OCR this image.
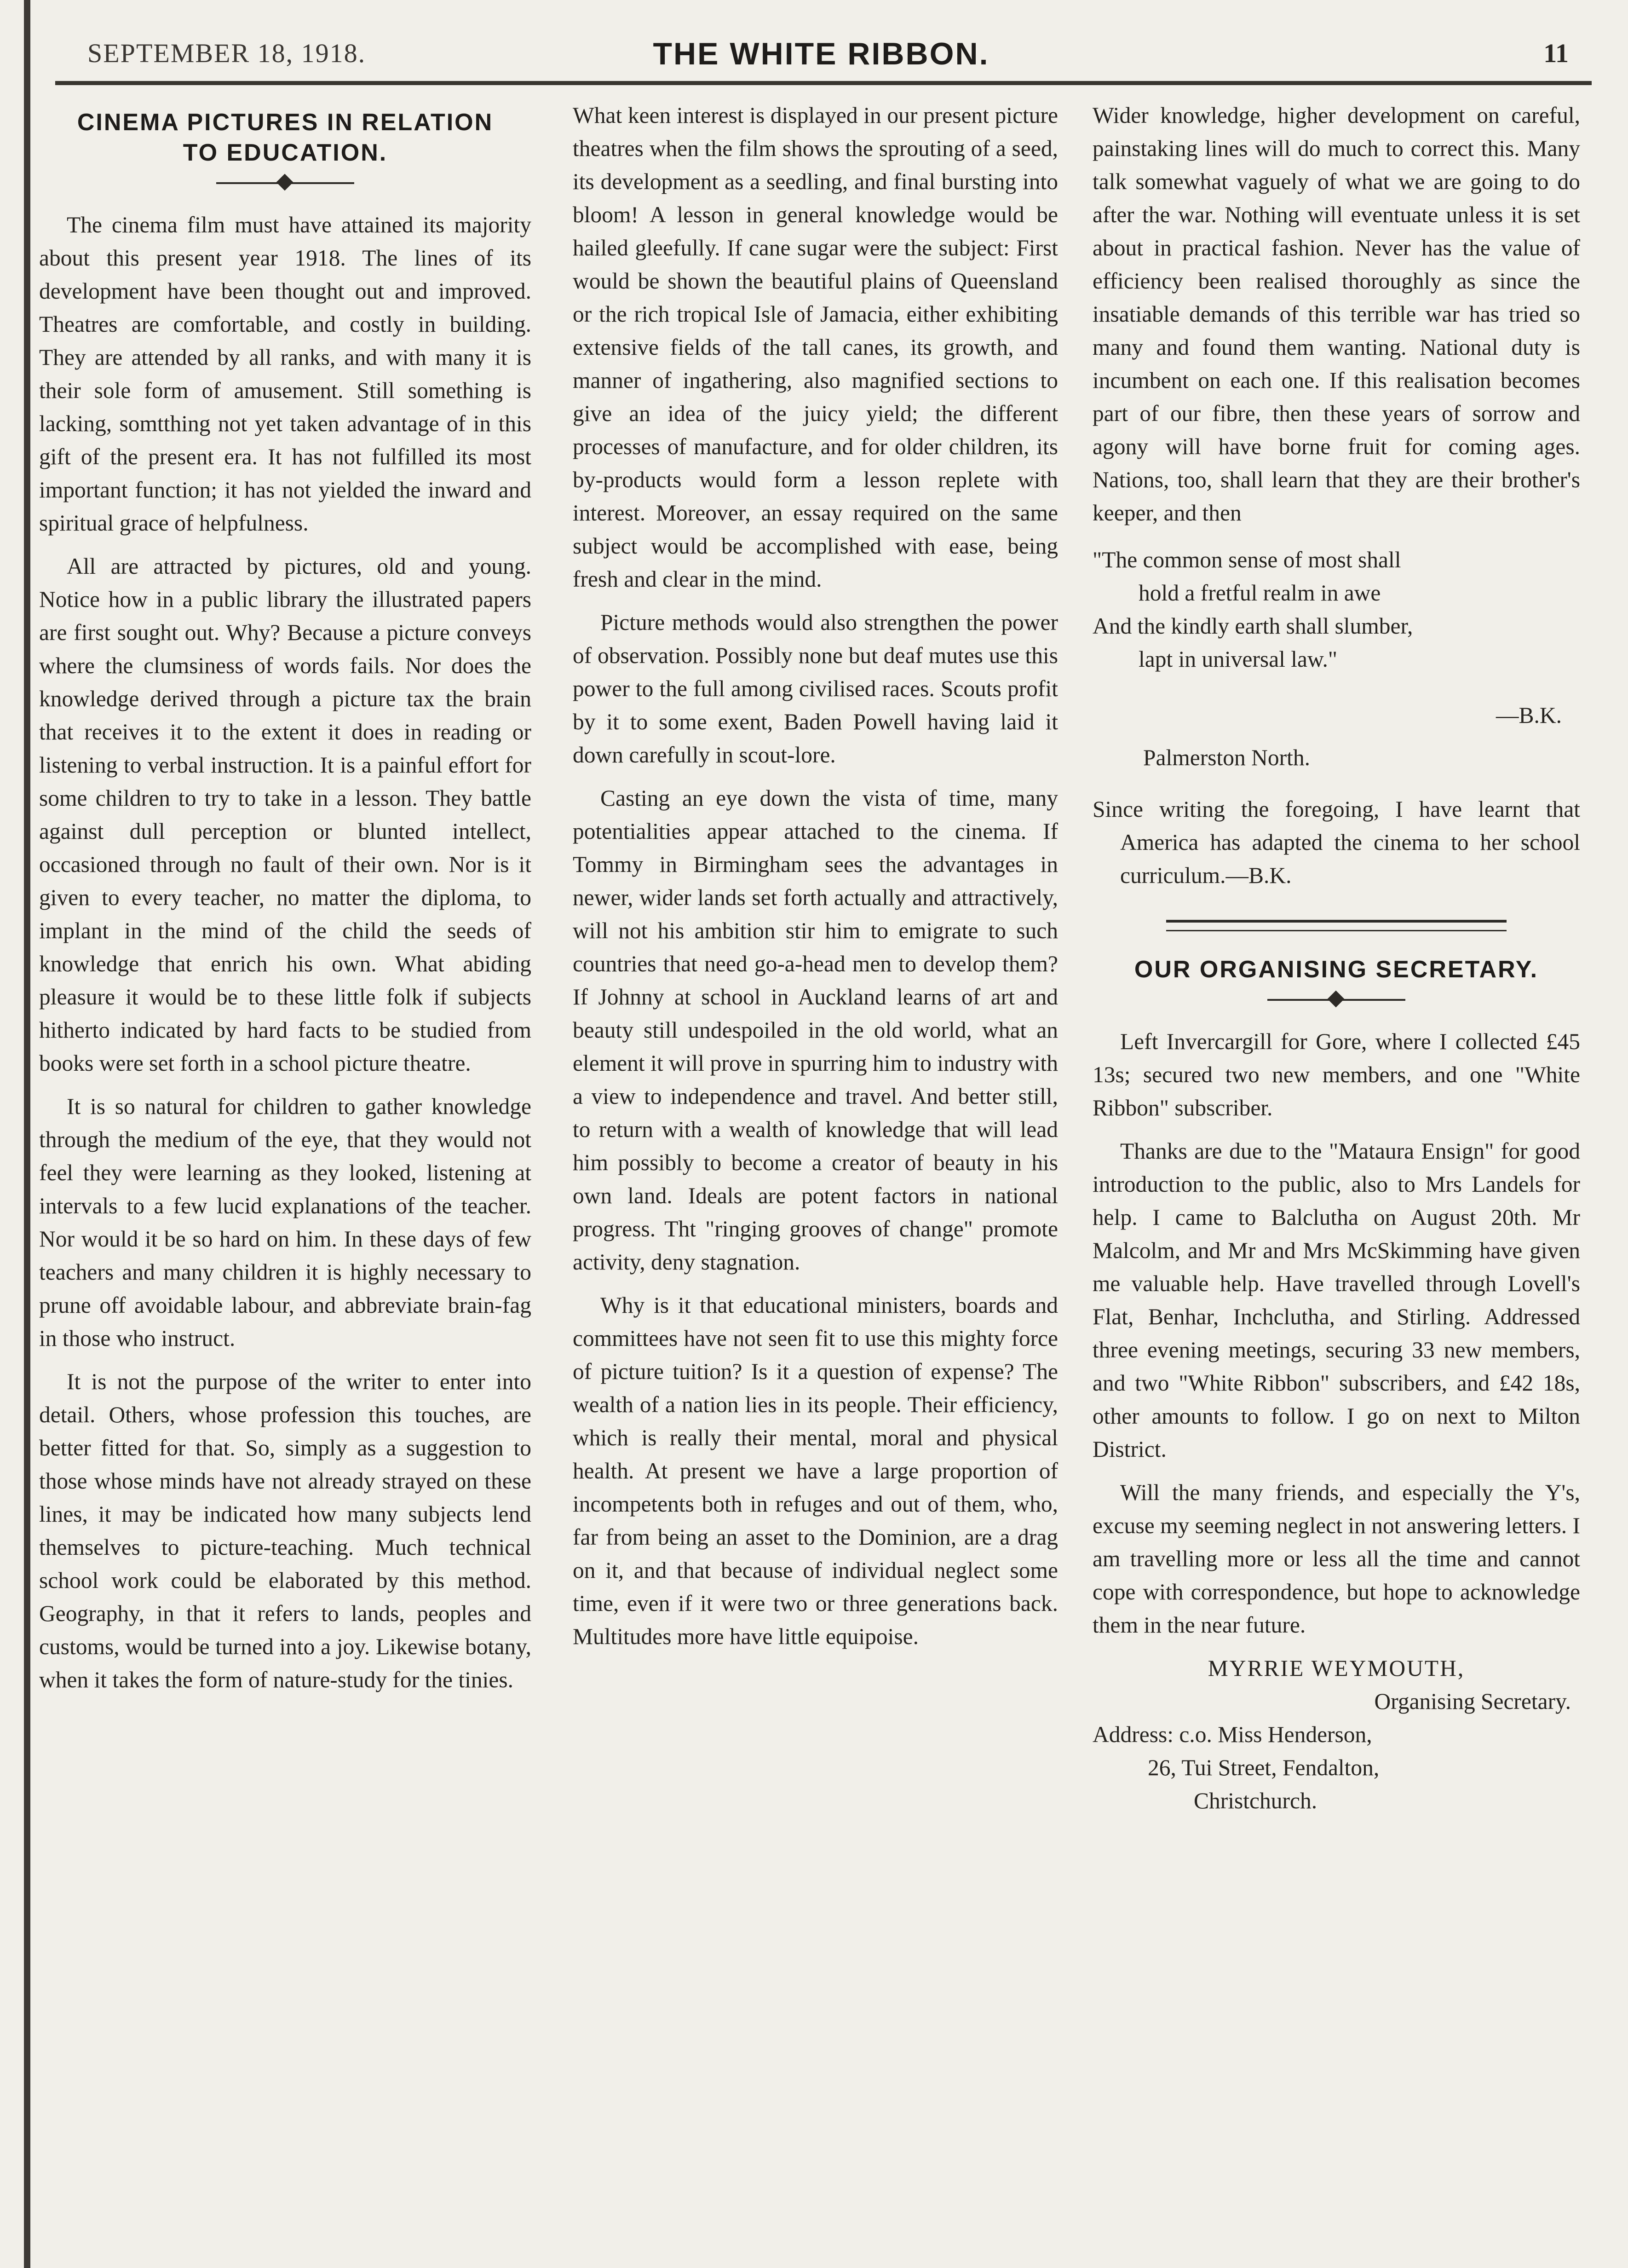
SEPTEMBER 18, 1918.	THE WHITE RIBBON.	11
CINEMA PICTURES IN RELATION
TO EDUCATION.

The cinema film must have attained its majority about this present year 1918. The lines of its development have been thought out and improved. Theatres are comfortable, and costly in building. They are attended by all ranks, and with many it is their sole form of amusement. Still something is lacking, somtthing not yet taken advantage of in this gift of the present era. It has not fulfilled its most important function; it has not yielded the inward and spiritual grace of helpfulness.

All are attracted by pictures, old and young. Notice how in a public library the illustrated papers are first sought out. Why? Because a picture conveys where the clumsiness of words fails. Nor does the knowledge derived through a picture tax the brain that receives it to the extent it does in reading or listening to verbal instruction. It is a painful effort for some children to try to take in a lesson. They battle against dull perception or blunted intellect, occasioned through no fault of their own. Nor is it given to every teacher, no matter the diploma, to implant in the mind of the child the seeds of knowledge that enrich his own. What abiding pleasure it would be to these little folk if subjects hitherto indicated by hard facts to be studied from books were set forth in a school picture theatre.

It is so natural for children to gather knowledge through the medium of the eye, that they would not feel they were learning as they looked, listening at intervals to a few lucid explanations of the teacher. Nor would it be so hard on him. In these days of few teachers and many children it is highly necessary to prune off avoidable labour, and abbreviate brain-fag in those who instruct.

It is not the purpose of the writer to enter into detail. Others, whose profession this touches, are better fitted for that. So, simply as a suggestion to those whose minds have not already strayed on these lines, it may be indicated how many subjects lend themselves to picture-teaching. Much technical school work could be elaborated by this method. Geography, in that it refers to lands, peoples and customs, would be turned into a joy. Likewise botany, when it takes the form of nature-study for the tinies.

What keen interest is displayed in our present picture theatres when the film shows the sprouting of a seed, its development as a seedling, and final bursting into bloom! A lesson in general knowledge would be hailed gleefully. If cane sugar were the subject: First would be shown the beautiful plains of Queensland or the rich tropical Isle of Jamacia, either exhibiting extensive fields of the tall canes, its growth, and manner of ingathering, also magnified sections to give an idea of the juicy yield; the different processes of manufacture, and for older children, its by-products would form a lesson replete with interest. Moreover, an essay required on the same subject would be accomplished with ease, being fresh and clear in the mind.

Picture methods would also strengthen the power of observation. Possibly none but deaf mutes use this power to the full among civilised races. Scouts profit by it to some exent, Baden Powell having laid it down carefully in scout-lore.

Casting an eye down the vista of time, many potentialities appear attached to the cinema. If Tommy in Birmingham sees the advantages in newer, wider lands set forth actually and attractively, will not his ambition stir him to emigrate to such countries that need go-a-head men to develop them? If Johnny at school in Auckland learns of art and beauty still undespoiled in the old world, what an element it will prove in spurring him to industry with a view to independence and travel. And better still, to return with a wealth of knowledge that will lead him possibly to become a creator of beauty in his own land. Ideals are potent factors in national progress. Tht "ringing grooves of change" promote activity, deny stagnation.

Why is it that educational ministers, boards and committees have not seen fit to use this mighty force of picture tuition? Is it a question of expense? The wealth of a nation lies in its people. Their efficiency, which is really their mental, moral and physical health. At present we have a large proportion of incompetents both in refuges and out of them, who, far from being an asset to the Dominion, are a drag on it, and that because of individual neglect some time, even if it were two or three generations back. Multitudes more have little equipoise.

Wider knowledge, higher development on careful, painstaking lines will do much to correct this. Many talk somewhat vaguely of what we are going to do after the war. Nothing will eventuate unless it is set about in practical fashion. Never has the value of efficiency been realised thoroughly as since the insatiable demands of this terrible war has tried so many and found them wanting. National duty is incumbent on each one. If this realisation becomes part of our fibre, then these years of sorrow and agony will have borne fruit for coming ages. Nations, too, shall learn that they are their brother's keeper, and then

"The common sense of most shall
hold a fretful realm in awe
And the kindly earth shall slumber,
lapt in universal law."
—B.K.
Palmerston North.

Since writing the foregoing, I have learnt that America has adapted the cinema to her school curriculum.—B.K.

OUR ORGANISING SECRETARY.

Left Invercargill for Gore, where I collected £45 13s; secured two new members, and one "White Ribbon" subscriber.

Thanks are due to the "Mataura Ensign" for good introduction to the public, also to Mrs Landels for help. I came to Balclutha on August 20th. Mr Malcolm, and Mr and Mrs McSkimming have given me valuable help. Have travelled through Lovell's Flat, Benhar, Inchclutha, and Stirling. Addressed three evening meetings, securing 33 new members, and two "White Ribbon" subscribers, and £42 18s, other amounts to follow. I go on next to Milton District.

Will the many friends, and especially the Y's, excuse my seeming neglect in not answering letters. I am travelling more or less all the time and cannot cope with correspondence, but hope to acknowledge them in the near future.

MYRRIE WEYMOUTH,
Organising Secretary.
Address: c.o. Miss Henderson,
26, Tui Street, Fendalton,
Christchurch.
